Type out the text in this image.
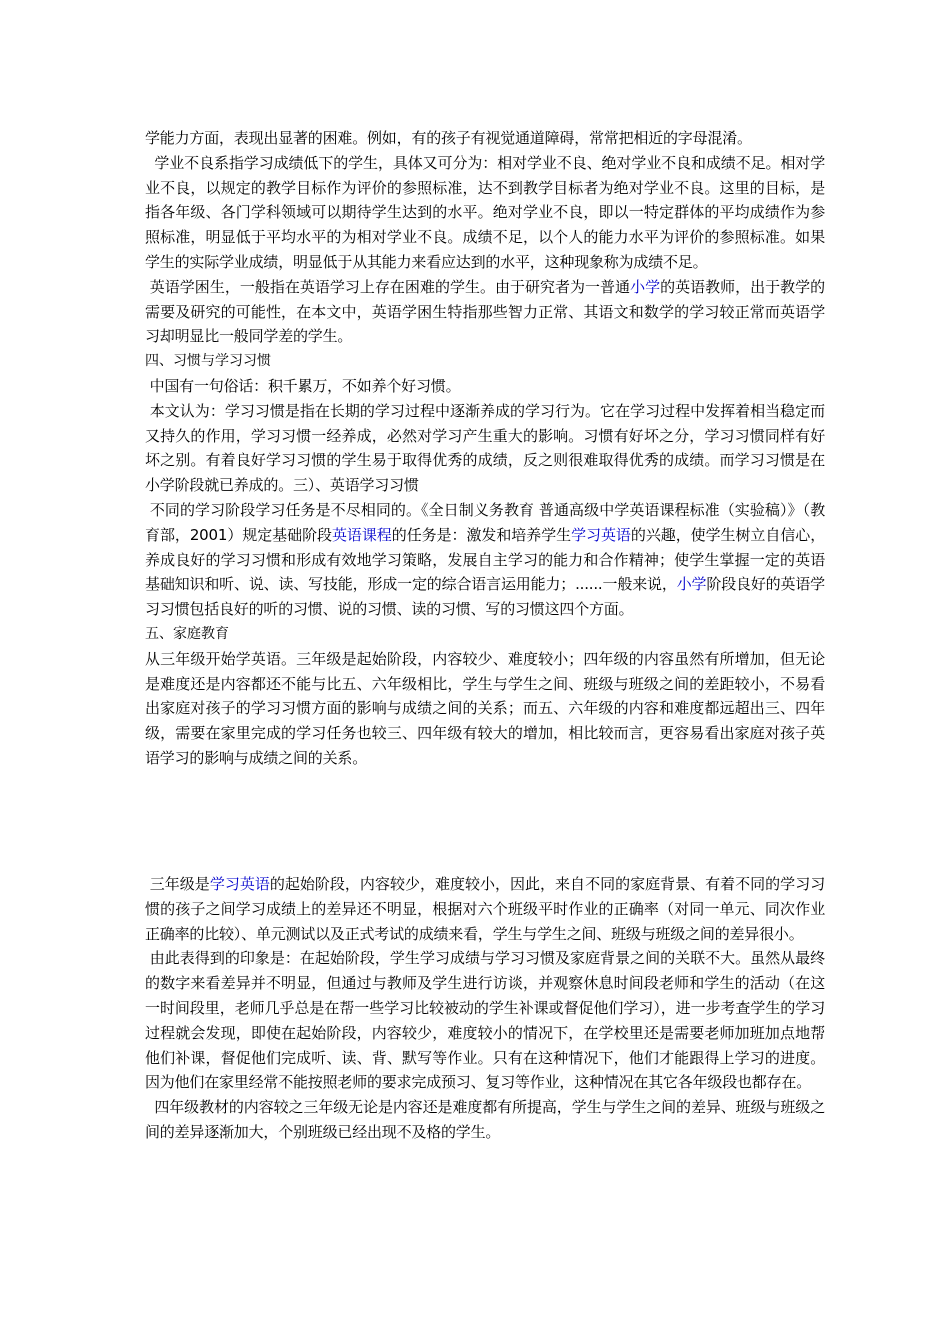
学能力方面，表现出显著的困难。例如，有的孩子有视觉通道障碍，常常把相近的字母混淆。

学业不良系指学习成绩低下的学生，具体又可分为：相对学业不良、绝对学业不良和成绩不足。相对学业不良，以规定的教学目标作为评价的参照标准，达不到教学目标者为绝对学业不良。这里的目标，是指各年级、各门学科领域可以期待学生达到的水平。绝对学业不良，即以一特定群体的平均成绩作为参照标准，明显低于平均水平的为相对学业不良。成绩不足，以个人的能力水平为评价的参照标准。如果学生的实际学业成绩，明显低于从其能力来看应达到的水平，这种现象称为成绩不足。

英语学困生，一般指在英语学习上存在困难的学生。由于研究者为一普通小学的英语教师，出于教学的需要及研究的可能性，在本文中，英语学困生特指那些智力正常、其语文和数学的学习较正常而英语学习却明显比一般同学差的学生。

四、习惯与学习习惯

中国有一句俗话：积千累万，不如养个好习惯。

本文认为：学习习惯是指在长期的学习过程中逐渐养成的学习行为。它在学习过程中发挥着相当稳定而又持久的作用，学习习惯一经养成，必然对学习产生重大的影响。习惯有好坏之分，学习习惯同样有好坏之别。有着良好学习习惯的学生易于取得优秀的成绩，反之则很难取得优秀的成绩。而学习习惯是在小学阶段就已养成的。三）、英语学习习惯

不同的学习阶段学习任务是不尽相同的。《全日制义务教育 普通高级中学英语课程标准（实验稿）》（教育部，2001）规定基础阶段英语课程的任务是：激发和培养学生学习英语的兴趣，使学生树立自信心，养成良好的学习习惯和形成有效地学习策略，发展自主学习的能力和合作精神；使学生掌握一定的英语基础知识和听、说、读、写技能，形成一定的综合语言运用能力；......一般来说，小学阶段良好的英语学习习惯包括良好的听的习惯、说的习惯、读的习惯、写的习惯这四个方面。

五、家庭教育

从三年级开始学英语。三年级是起始阶段，内容较少、难度较小；四年级的内容虽然有所增加，但无论是难度还是内容都还不能与比五、六年级相比，学生与学生之间、班级与班级之间的差距较小，不易看出家庭对孩子的学习习惯方面的影响与成绩之间的关系；而五、六年级的内容和难度都远超出三、四年级，需要在家里完成的学习任务也较三、四年级有较大的增加，相比较而言，更容易看出家庭对孩子英语学习的影响与成绩之间的关系。

三年级是学习英语的起始阶段，内容较少，难度较小，因此，来自不同的家庭背景、有着不同的学习习惯的孩子之间学习成绩上的差异还不明显，根据对六个班级平时作业的正确率（对同一单元、同次作业正确率的比较）、单元测试以及正式考试的成绩来看，学生与学生之间、班级与班级之间的差异很小。

由此表得到的印象是：在起始阶段，学生学习成绩与学习习惯及家庭背景之间的关联不大。虽然从最终的数字来看差异并不明显，但通过与教师及学生进行访谈，并观察休息时间段老师和学生的活动（在这一时间段里，老师几乎总是在帮一些学习比较被动的学生补课或督促他们学习），进一步考查学生的学习过程就会发现，即使在起始阶段，内容较少，难度较小的情况下，在学校里还是需要老师加班加点地帮他们补课，督促他们完成听、读、背、默写等作业。只有在这种情况下，他们才能跟得上学习的进度。因为他们在家里经常不能按照老师的要求完成预习、复习等作业，这种情况在其它各年级段也都存在。

四年级教材的内容较之三年级无论是内容还是难度都有所提高，学生与学生之间的差异、班级与班级之间的差异逐渐加大，个别班级已经出现不及格的学生。
